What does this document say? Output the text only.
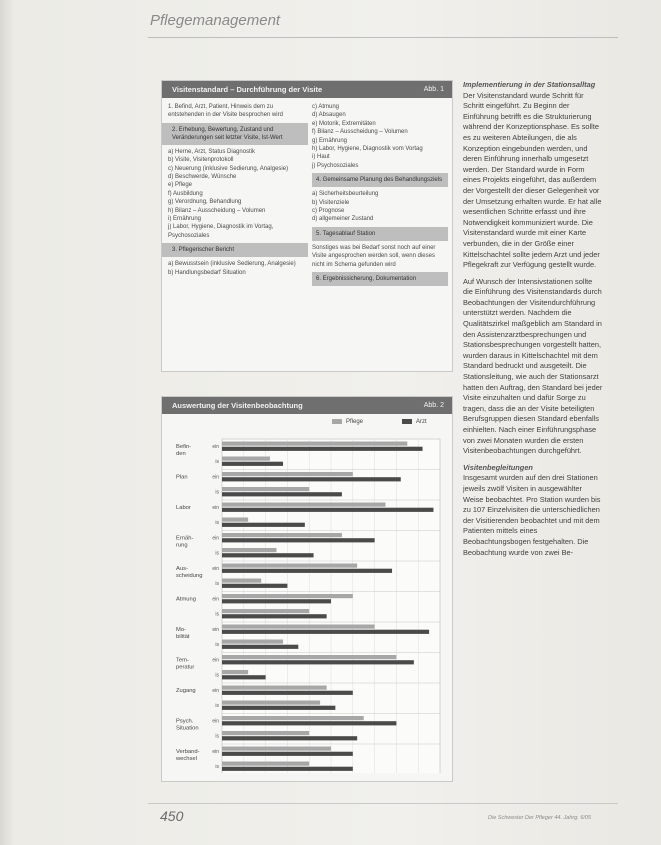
Pflegemanagement
Visitenstandard – Durchführung der Visite	Abb. 1

1. Befind, Arzt, Patient, Hinweis dem zu entstehenden in der Visite besprochen wird

2. Erhebung, Bewertung, Zustand und Veränderungen seit letzter Visite, Ist-Wert

a) Herne, Arzt, Status Diagnostik

b) Visite, Visitenprotokoll

c) Neuerung (inklusive Sedierung, Analgesie)

d) Beschwerde, Wünsche

e) Pflege

f) Ausbildung

g) Verordnung, Behandlung

h) Bilanz – Ausscheidung – Volumen

i) Ernährung

j) Labor, Hygiene, Diagnostik im Vortag, Psychosoziales

3. Pflegerischer Bericht

a) Bewusstsein (inklusive Sedierung, Analgesie)

b) Handlungsbedarf Situation

c) Atmung

d) Absaugen

e) Motorik, Extremitäten

f) Bilanz – Ausscheidung – Volumen

g) Ernährung

h) Labor, Hygiene, Diagnostik vom Vortag

i) Haut

j) Psychosoziales

4. Gemeinsame Planung des Behandlungsziels

a) Sicherheitsbeurteilung

b) Visitenziele

c) Prognose

d) allgemeiner Zustand

5. Tagesablauf Station

Sonstiges was bei Bedarf sonst noch auf einer Visite angesprochen werden soll, wenn dieses nicht im Schema gefunden wird

6. Ergebnissicherung, Dokumentation
Implementierung in der Stationsalltag

Der Visitenstandard wurde Schritt für Schritt eingeführt. Zu Beginn der Einführung betrifft es die Strukturierung während der Konzeptionsphase. Es sollte es zu weiteren Abteilungen, die als Konzeption eingebunden werden, und deren Einführung innerhalb umgesetzt werden. Der Standard wurde in Form eines Projekts eingeführt, das außerdem der Vorgestellt der dieser Gelegenheit vor der Umsetzung erhalten wurde. Er hat alle wesentlichen Schritte erfasst und ihre Notwendigkeit kommuniziert wurde. Die Visitenstandard wurde mit einer Karte verbunden, die in der Größe einer Kittelschachtel sollte jedem Arzt und jeder Pflegekraft zur Verfügung gestellt wurde.

Auf Wunsch der Intensivstationen sollte die Einführung des Visitenstandards durch Beobachtungen der Visitendurchführung unterstützt werden. Nachdem die Qualitätszirkel maßgeblich am Standard in den Assistenzarztbesprechungen und Stationsbesprechungen vorgestellt hatten, wurden daraus in Kittelschachtel mit dem Standard bedruckt und ausgeteilt. Die Stationsleitung, wie auch der Stationsarzt hatten den Auftrag, den Standard bei jeder Visite einzuhalten und dafür Sorge zu tragen, dass die an der Visite beteiligten Berufsgruppen diesen Standard ebenfalls einhielten. Nach einer Einführungsphase von zwei Monaten wurden die ersten Visitenbeobachtungen durchgeführt.

Visitenbegleitungen

Insgesamt wurden auf den drei Stationen jeweils zwölf Visiten in ausgewählter Weise beobachtet. Pro Station wurden bis zu 107 Einzelvisiten die unterschiedlichen der Visitierenden beobachtet und mit dem Patienten mittels eines Beobachtungsbogen festgehalten. Die Beobachtung wurde von zwei Be-

Auswertung der Visitenbeobachtung	Abb. 2
Pflege	Arzt
Befin-
den
ein
is
Plan	ein
is
Labor	ein
is
Ernäh-
rung
ein
is
Aus-
scheidung
ein
is
Atmung	ein
is
Mo-
bilität
ein
is
Tem-
peratur
ein
is
Zugang	ein
is
Psych.
Situation
ein
is
Verband-
wechsel
ein
is
450	Die Schwester Der Pfleger 44. Jahrg. 6/05
